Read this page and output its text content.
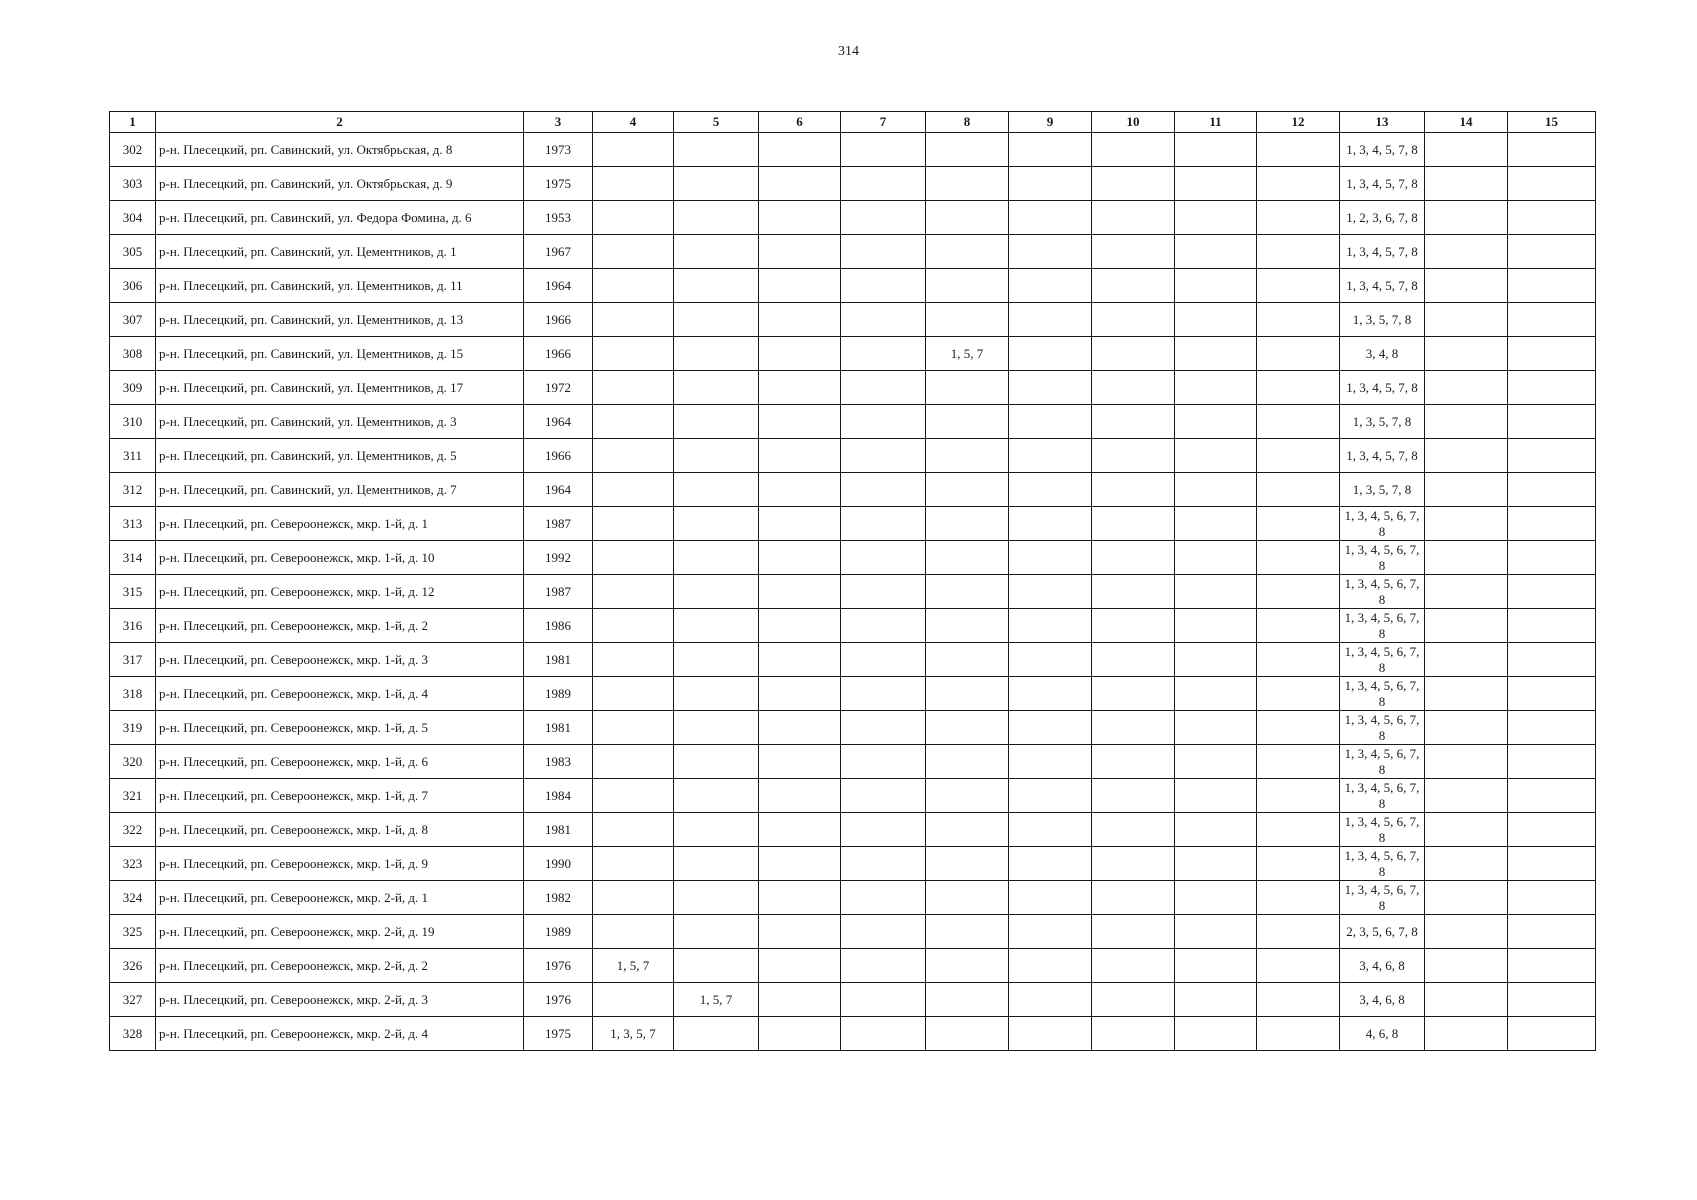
314
1	2	3	4	5	6	7	8	9	10	11	12	13	14	15
302	р-н. Плесецкий, рп. Савинский, ул. Октябрьская, д. 8	1973										1, 3, 4, 5, 7, 8		
303	р-н. Плесецкий, рп. Савинский, ул. Октябрьская, д. 9	1975										1, 3, 4, 5, 7, 8		
304	р-н. Плесецкий, рп. Савинский, ул. Федора Фомина, д. 6	1953										1, 2, 3, 6, 7, 8		
305	р-н. Плесецкий, рп. Савинский, ул. Цементников, д. 1	1967										1, 3, 4, 5, 7, 8		
306	р-н. Плесецкий, рп. Савинский, ул. Цементников, д. 11	1964										1, 3, 4, 5, 7, 8		
307	р-н. Плесецкий, рп. Савинский, ул. Цементников, д. 13	1966										1, 3, 5, 7, 8		
308	р-н. Плесецкий, рп. Савинский, ул. Цементников, д. 15	1966					1, 5, 7					3, 4, 8		
309	р-н. Плесецкий, рп. Савинский, ул. Цементников, д. 17	1972										1, 3, 4, 5, 7, 8		
310	р-н. Плесецкий, рп. Савинский, ул. Цементников, д. 3	1964										1, 3, 5, 7, 8		
311	р-н. Плесецкий, рп. Савинский, ул. Цементников, д. 5	1966										1, 3, 4, 5, 7, 8		
312	р-н. Плесецкий, рп. Савинский, ул. Цементников, д. 7	1964										1, 3, 5, 7, 8		
313	р-н. Плесецкий, рп. Североонежск, мкр. 1-й, д. 1	1987										1, 3, 4, 5, 6, 7, 8		
314	р-н. Плесецкий, рп. Североонежск, мкр. 1-й, д. 10	1992										1, 3, 4, 5, 6, 7, 8		
315	р-н. Плесецкий, рп. Североонежск, мкр. 1-й, д. 12	1987										1, 3, 4, 5, 6, 7, 8		
316	р-н. Плесецкий, рп. Североонежск, мкр. 1-й, д. 2	1986										1, 3, 4, 5, 6, 7, 8		
317	р-н. Плесецкий, рп. Североонежск, мкр. 1-й, д. 3	1981										1, 3, 4, 5, 6, 7, 8		
318	р-н. Плесецкий, рп. Североонежск, мкр. 1-й, д. 4	1989										1, 3, 4, 5, 6, 7, 8		
319	р-н. Плесецкий, рп. Североонежск, мкр. 1-й, д. 5	1981										1, 3, 4, 5, 6, 7, 8		
320	р-н. Плесецкий, рп. Североонежск, мкр. 1-й, д. 6	1983										1, 3, 4, 5, 6, 7, 8		
321	р-н. Плесецкий, рп. Североонежск, мкр. 1-й, д. 7	1984										1, 3, 4, 5, 6, 7, 8		
322	р-н. Плесецкий, рп. Североонежск, мкр. 1-й, д. 8	1981										1, 3, 4, 5, 6, 7, 8		
323	р-н. Плесецкий, рп. Североонежск, мкр. 1-й, д. 9	1990										1, 3, 4, 5, 6, 7, 8		
324	р-н. Плесецкий, рп. Североонежск, мкр. 2-й, д. 1	1982										1, 3, 4, 5, 6, 7, 8		
325	р-н. Плесецкий, рп. Североонежск, мкр. 2-й, д. 19	1989										2, 3, 5, 6, 7, 8		
326	р-н. Плесецкий, рп. Североонежск, мкр. 2-й, д. 2	1976	1, 5, 7									3, 4, 6, 8		
327	р-н. Плесецкий, рп. Североонежск, мкр. 2-й, д. 3	1976		1, 5, 7								3, 4, 6, 8		
328	р-н. Плесецкий, рп. Североонежск, мкр. 2-й, д. 4	1975	1, 3, 5, 7									4, 6, 8		
